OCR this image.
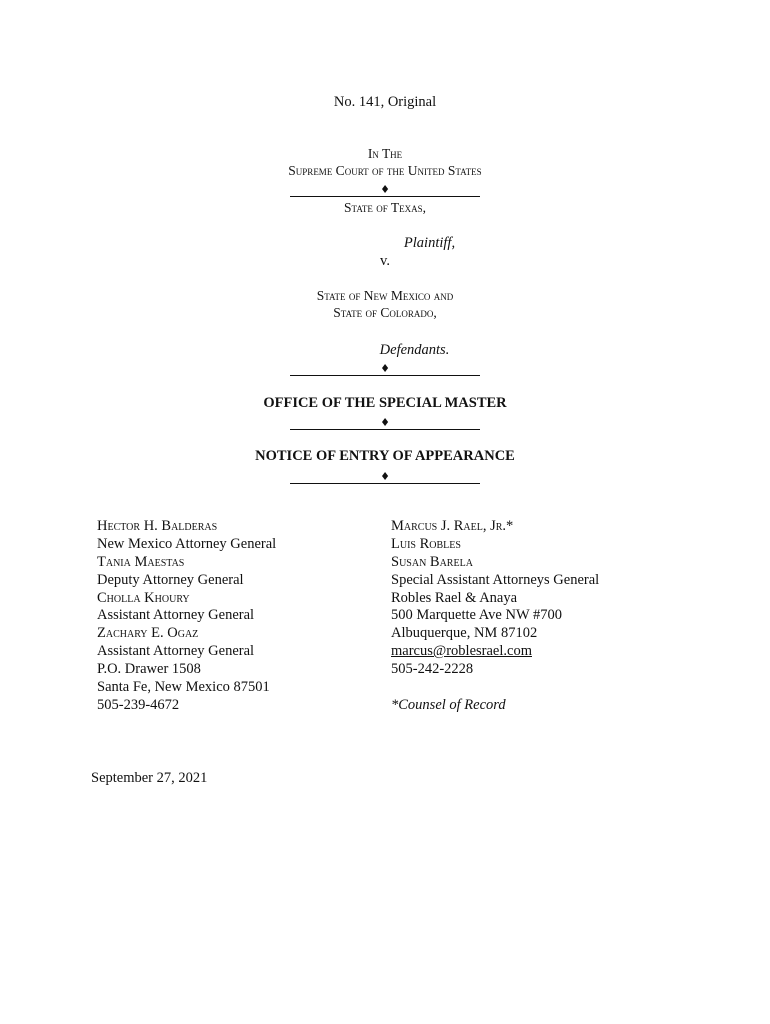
No. 141, Original
In The
Supreme Court of the United States
♦
State of Texas,
Plaintiff,
v.
State of New Mexico and
State of Colorado,
Defendants.
♦
OFFICE OF THE SPECIAL MASTER
♦
NOTICE OF ENTRY OF APPEARANCE
♦
Hector H. Balderas
New Mexico Attorney General
Tania Maestas
Deputy Attorney General
Cholla Khoury
Assistant Attorney General
Zachary E. Ogaz
Assistant Attorney General
P.O. Drawer 1508
Santa Fe, New Mexico 87501
505-239-4672
Marcus J. Rael, Jr.*
Luis Robles
Susan Barela
Special Assistant Attorneys General
Robles Rael & Anaya
500 Marquette Ave NW #700
Albuquerque, NM 87102
marcus@roblesrael.com
505-242-2228
*Counsel of Record
September 27, 2021
